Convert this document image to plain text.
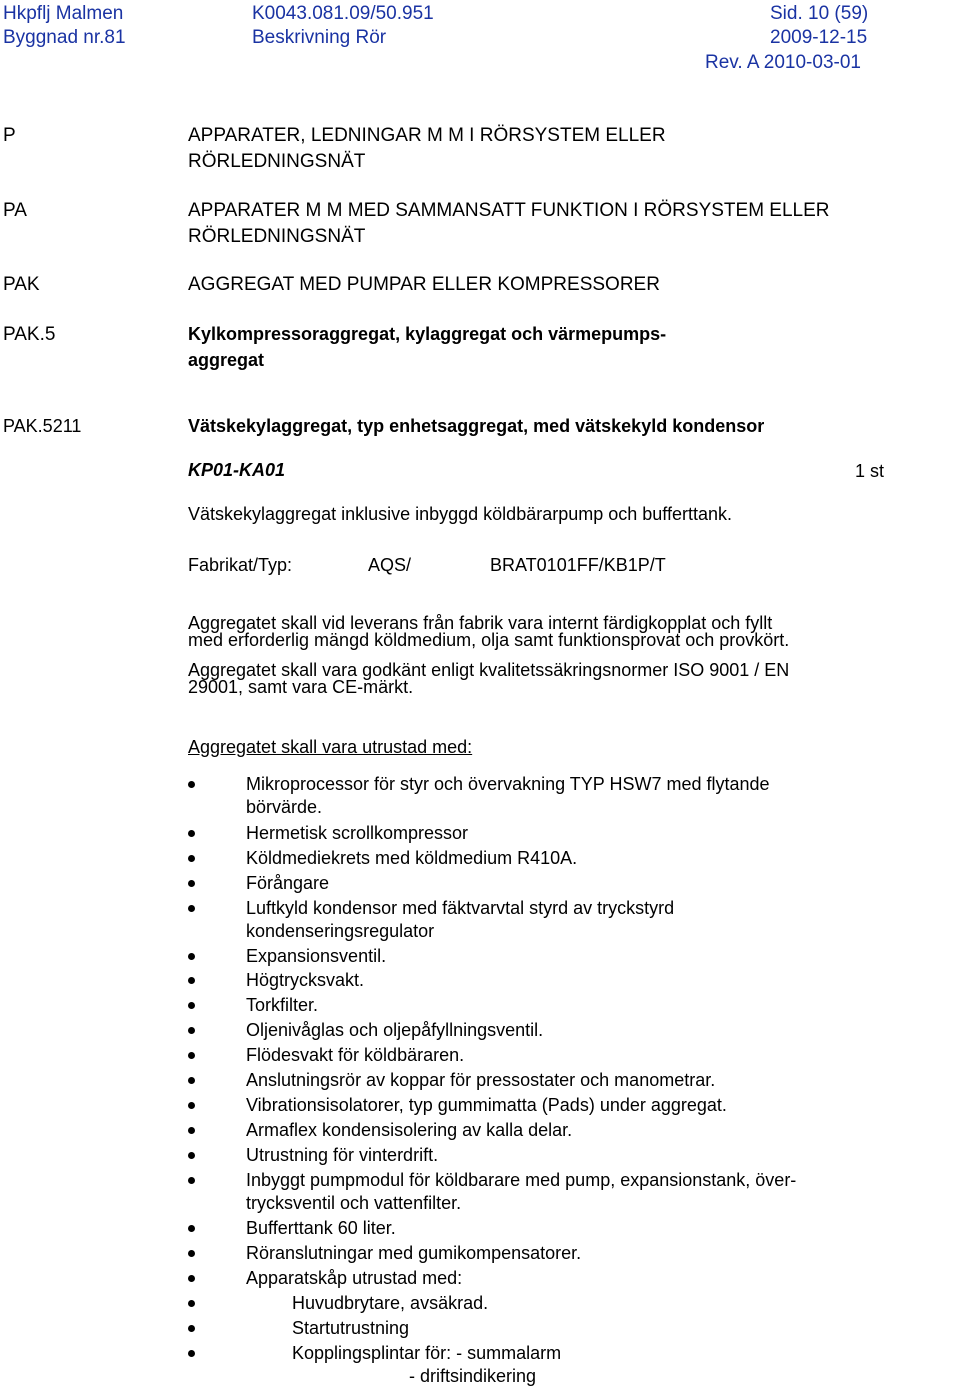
Hkpflj Malmen
Byggnad nr.81
K0043.081.09/50.951
Beskrivning Rör
Sid. 10 (59)
2009-12-15
Rev. A 2010-03-01
P	APPARATER, LEDNINGAR M M I RÖRSYSTEM ELLER
RÖRLEDNINGSNÄT
PA	APPARATER M M MED SAMMANSATT FUNKTION I RÖRSYSTEM ELLER
RÖRLEDNINGSNÄT
PAK	AGGREGAT MED PUMPAR ELLER KOMPRESSORER
PAK.5	Kylkompressoraggregat, kylaggregat och värmepumps-
aggregat
PAK.5211	Vätskekylaggregat, typ enhetsaggregat, med vätskekyld kondensor
KP01-KA01	1 st
Vätskekylaggregat inklusive inbyggd köldbärarpump och bufferttank.
Fabrikat/Typ:	AQS/	BRAT0101FF/KB1P/T
Aggregatet skall vid leverans från fabrik vara internt färdigkopplat och fyllt
med erforderlig mängd köldmedium, olja samt funktionsprovat och provkört.
Aggregatet skall vara godkänt enligt kvalitetssäkringsnormer ISO 9001 / EN
29001, samt vara CE-märkt.
Aggregatet skall vara utrustad med:
Mikroprocessor för styr och övervakning TYP HSW7 med flytande
börvärde.
Hermetisk scrollkompressor
Köldmediekrets med köldmedium R410A.
Förångare
Luftkyld kondensor med fäktvarvtal styrd av tryckstyrd
kondenseringsregulator
Expansionsventil.
Högtrycksvakt.
Torkfilter.
Oljenivåglas och oljepåfyllningsventil.
Flödesvakt för köldbäraren.
Anslutningsrör av koppar för pressostater och manometrar.
Vibrationsisolatorer, typ gummimatta (Pads) under aggregat.
Armaflex kondensisolering av kalla delar.
Utrustning för vinterdrift.
Inbyggt pumpmodul för köldbarare med pump, expansionstank, över-
trycksventil och vattenfilter.
Bufferttank 60 liter.
Röranslutningar med gumikompensatorer.
Apparatskåp utrustad med:
Huvudbrytare, avsäkrad.
Startutrustning
Kopplingsplintar för: - summalarm
- driftsindikering
